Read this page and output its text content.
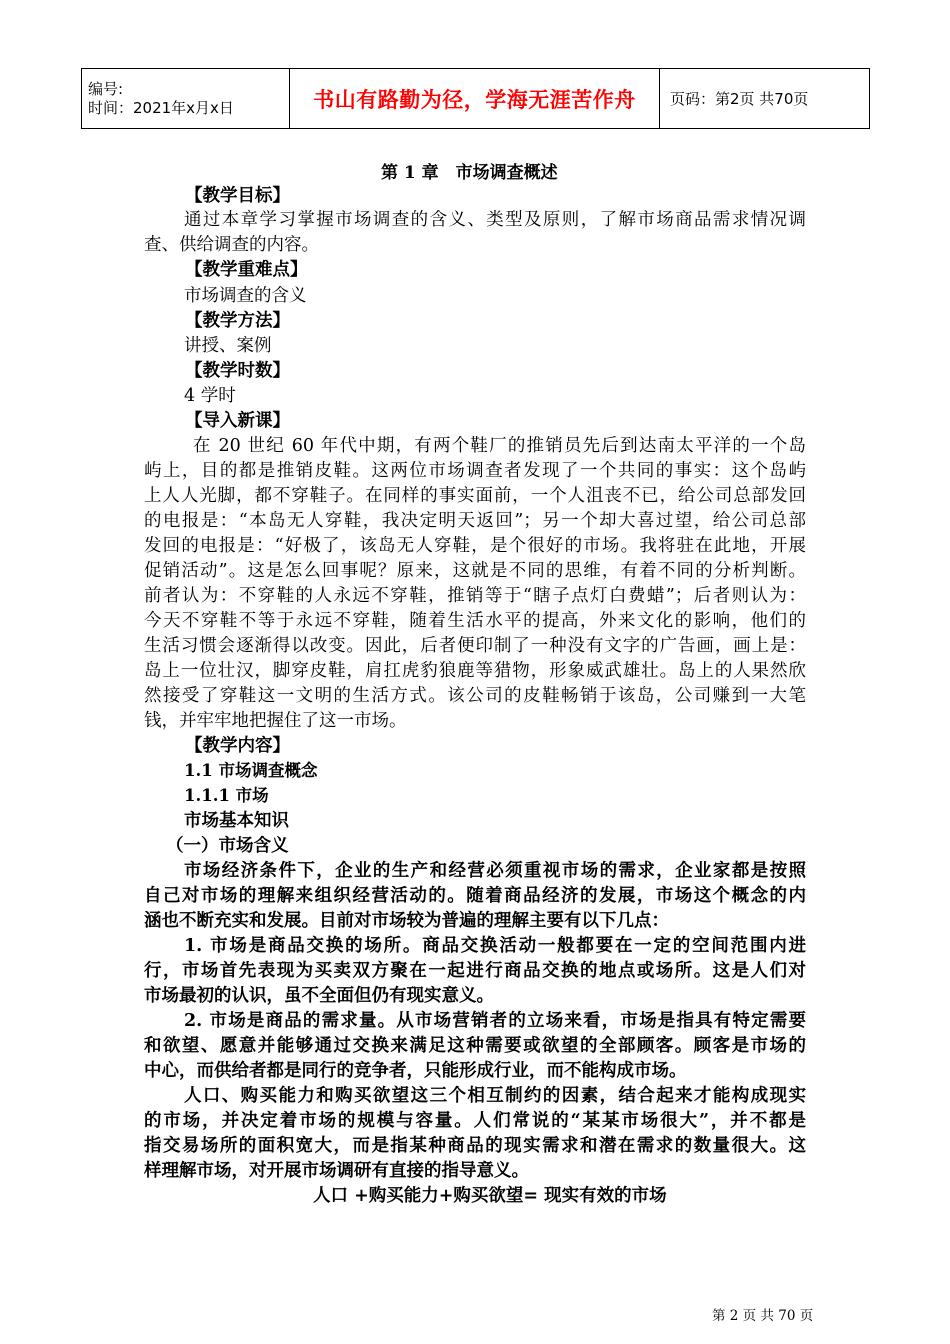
编号:
时间：2021年x月x日	书山有路勤为径，学海无涯苦作舟	页码：第2页 共70页
第 1 章　市场调查概述
【教学目标】
通过本章学习掌握市场调查的含义、类型及原则，了解市场商品需求情况调
查、供给调查的内容。
【教学重难点】
市场调查的含义
【教学方法】
讲授、案例
【教学时数】
4 学时
【导入新课】
在 20 世纪 60 年代中期，有两个鞋厂的推销员先后到达南太平洋的一个岛
屿上，目的都是推销皮鞋。这两位市场调查者发现了一个共同的事实：这个岛屿
上人人光脚，都不穿鞋子。在同样的事实面前，一个人沮丧不已，给公司总部发回
的电报是：“本岛无人穿鞋，我决定明天返回”；另一个却大喜过望，给公司总部
发回的电报是：“好极了，该岛无人穿鞋，是个很好的市场。我将驻在此地，开展
促销活动”。这是怎么回事呢？原来，这就是不同的思维，有着不同的分析判断。
前者认为：不穿鞋的人永远不穿鞋，推销等于“瞎子点灯白费蜡”；后者则认为：
今天不穿鞋不等于永远不穿鞋，随着生活水平的提高，外来文化的影响，他们的
生活习惯会逐渐得以改变。因此，后者便印制了一种没有文字的广告画，画上是：
岛上一位壮汉，脚穿皮鞋，肩扛虎豹狼鹿等猎物，形象威武雄壮。岛上的人果然欣
然接受了穿鞋这一文明的生活方式。该公司的皮鞋畅销于该岛，公司赚到一大笔
钱，并牢牢地把握住了这一市场。
【教学内容】
1.1 市场调查概念
1.1.1 市场
市场基本知识
（一）市场含义
市场经济条件下，企业的生产和经营必须重视市场的需求，企业家都是按照
自己对市场的理解来组织经营活动的。随着商品经济的发展，市场这个概念的内
涵也不断充实和发展。目前对市场较为普遍的理解主要有以下几点：
1. 市场是商品交换的场所。商品交换活动一般都要在一定的空间范围内进
行，市场首先表现为买卖双方聚在一起进行商品交换的地点或场所。这是人们对
市场最初的认识，虽不全面但仍有现实意义。
2. 市场是商品的需求量。从市场营销者的立场来看，市场是指具有特定需要
和欲望、愿意并能够通过交换来满足这种需要或欲望的全部顾客。顾客是市场的
中心，而供给者都是同行的竞争者，只能形成行业，而不能构成市场。
人口、购买能力和购买欲望这三个相互制约的因素，结合起来才能构成现实
的市场，并决定着市场的规模与容量。人们常说的“某某市场很大”，并不都是
指交易场所的面积宽大，而是指某种商品的现实需求和潜在需求的数量很大。这
样理解市场，对开展市场调研有直接的指导意义。
人口 +购买能力+购买欲望= 现实有效的市场
第 2 页 共 70 页
